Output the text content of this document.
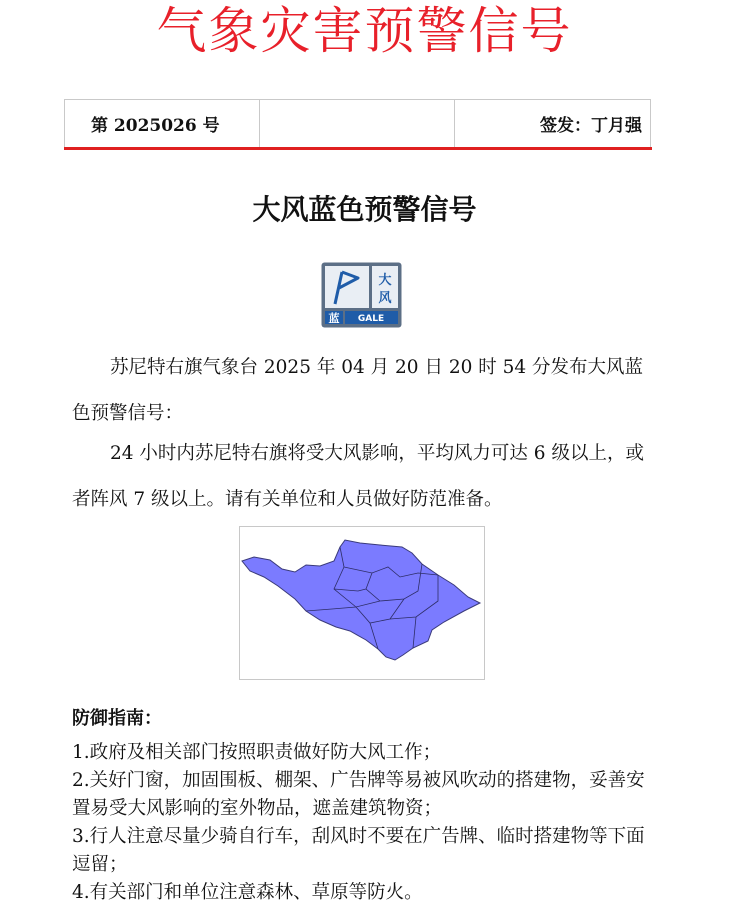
气象灾害预警信号
第 2025026 号	签发：丁月强
大风蓝色预警信号
大
风
蓝 GALE

苏尼特右旗气象台 2025 年 04 月 20 日 20 时 54 分发布大风蓝色预警信号：

24 小时内苏尼特右旗将受大风影响，平均风力可达 6 级以上，或者阵风 7 级以上。请有关单位和人员做好防范准备。

防御指南：
1.政府及相关部门按照职责做好防大风工作；
2.关好门窗，加固围板、棚架、广告牌等易被风吹动的搭建物，妥善安置易受大风影响的室外物品，遮盖建筑物资；
3.行人注意尽量少骑自行车，刮风时不要在广告牌、临时搭建物等下面逗留；
4.有关部门和单位注意森林、草原等防火。
